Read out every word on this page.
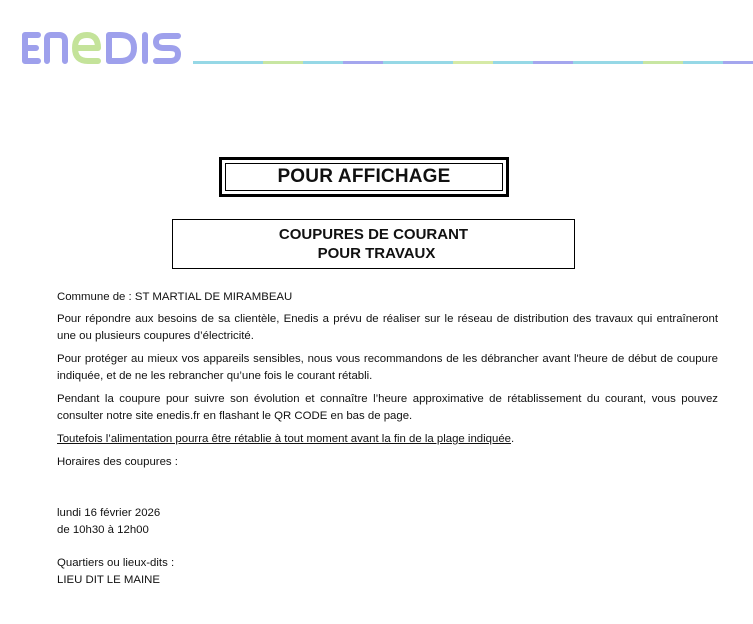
POUR AFFICHAGE
COUPURES DE COURANT
POUR TRAVAUX

Commune de : ST MARTIAL DE MIRAMBEAU

Pour répondre aux besoins de sa clientèle, Enedis a prévu de réaliser sur le réseau de distribution des travaux qui entraîneront une ou plusieurs coupures d’électricité.

Pour protéger au mieux vos appareils sensibles, nous vous recommandons de les débrancher avant l'heure de début de coupure indiquée, et de ne les rebrancher qu’une fois le courant rétabli.

Pendant la coupure pour suivre son évolution et connaître l’heure approximative de rétablissement du courant, vous pouvez consulter notre site enedis.fr en flashant le QR CODE en bas de page.

Toutefois l’alimentation pourra être rétablie à tout moment avant la fin de la plage indiquée.

Horaires des coupures :

lundi 16 février 2026

de 10h30 à 12h00

Quartiers ou lieux-dits :

LIEU DIT LE MAINE
